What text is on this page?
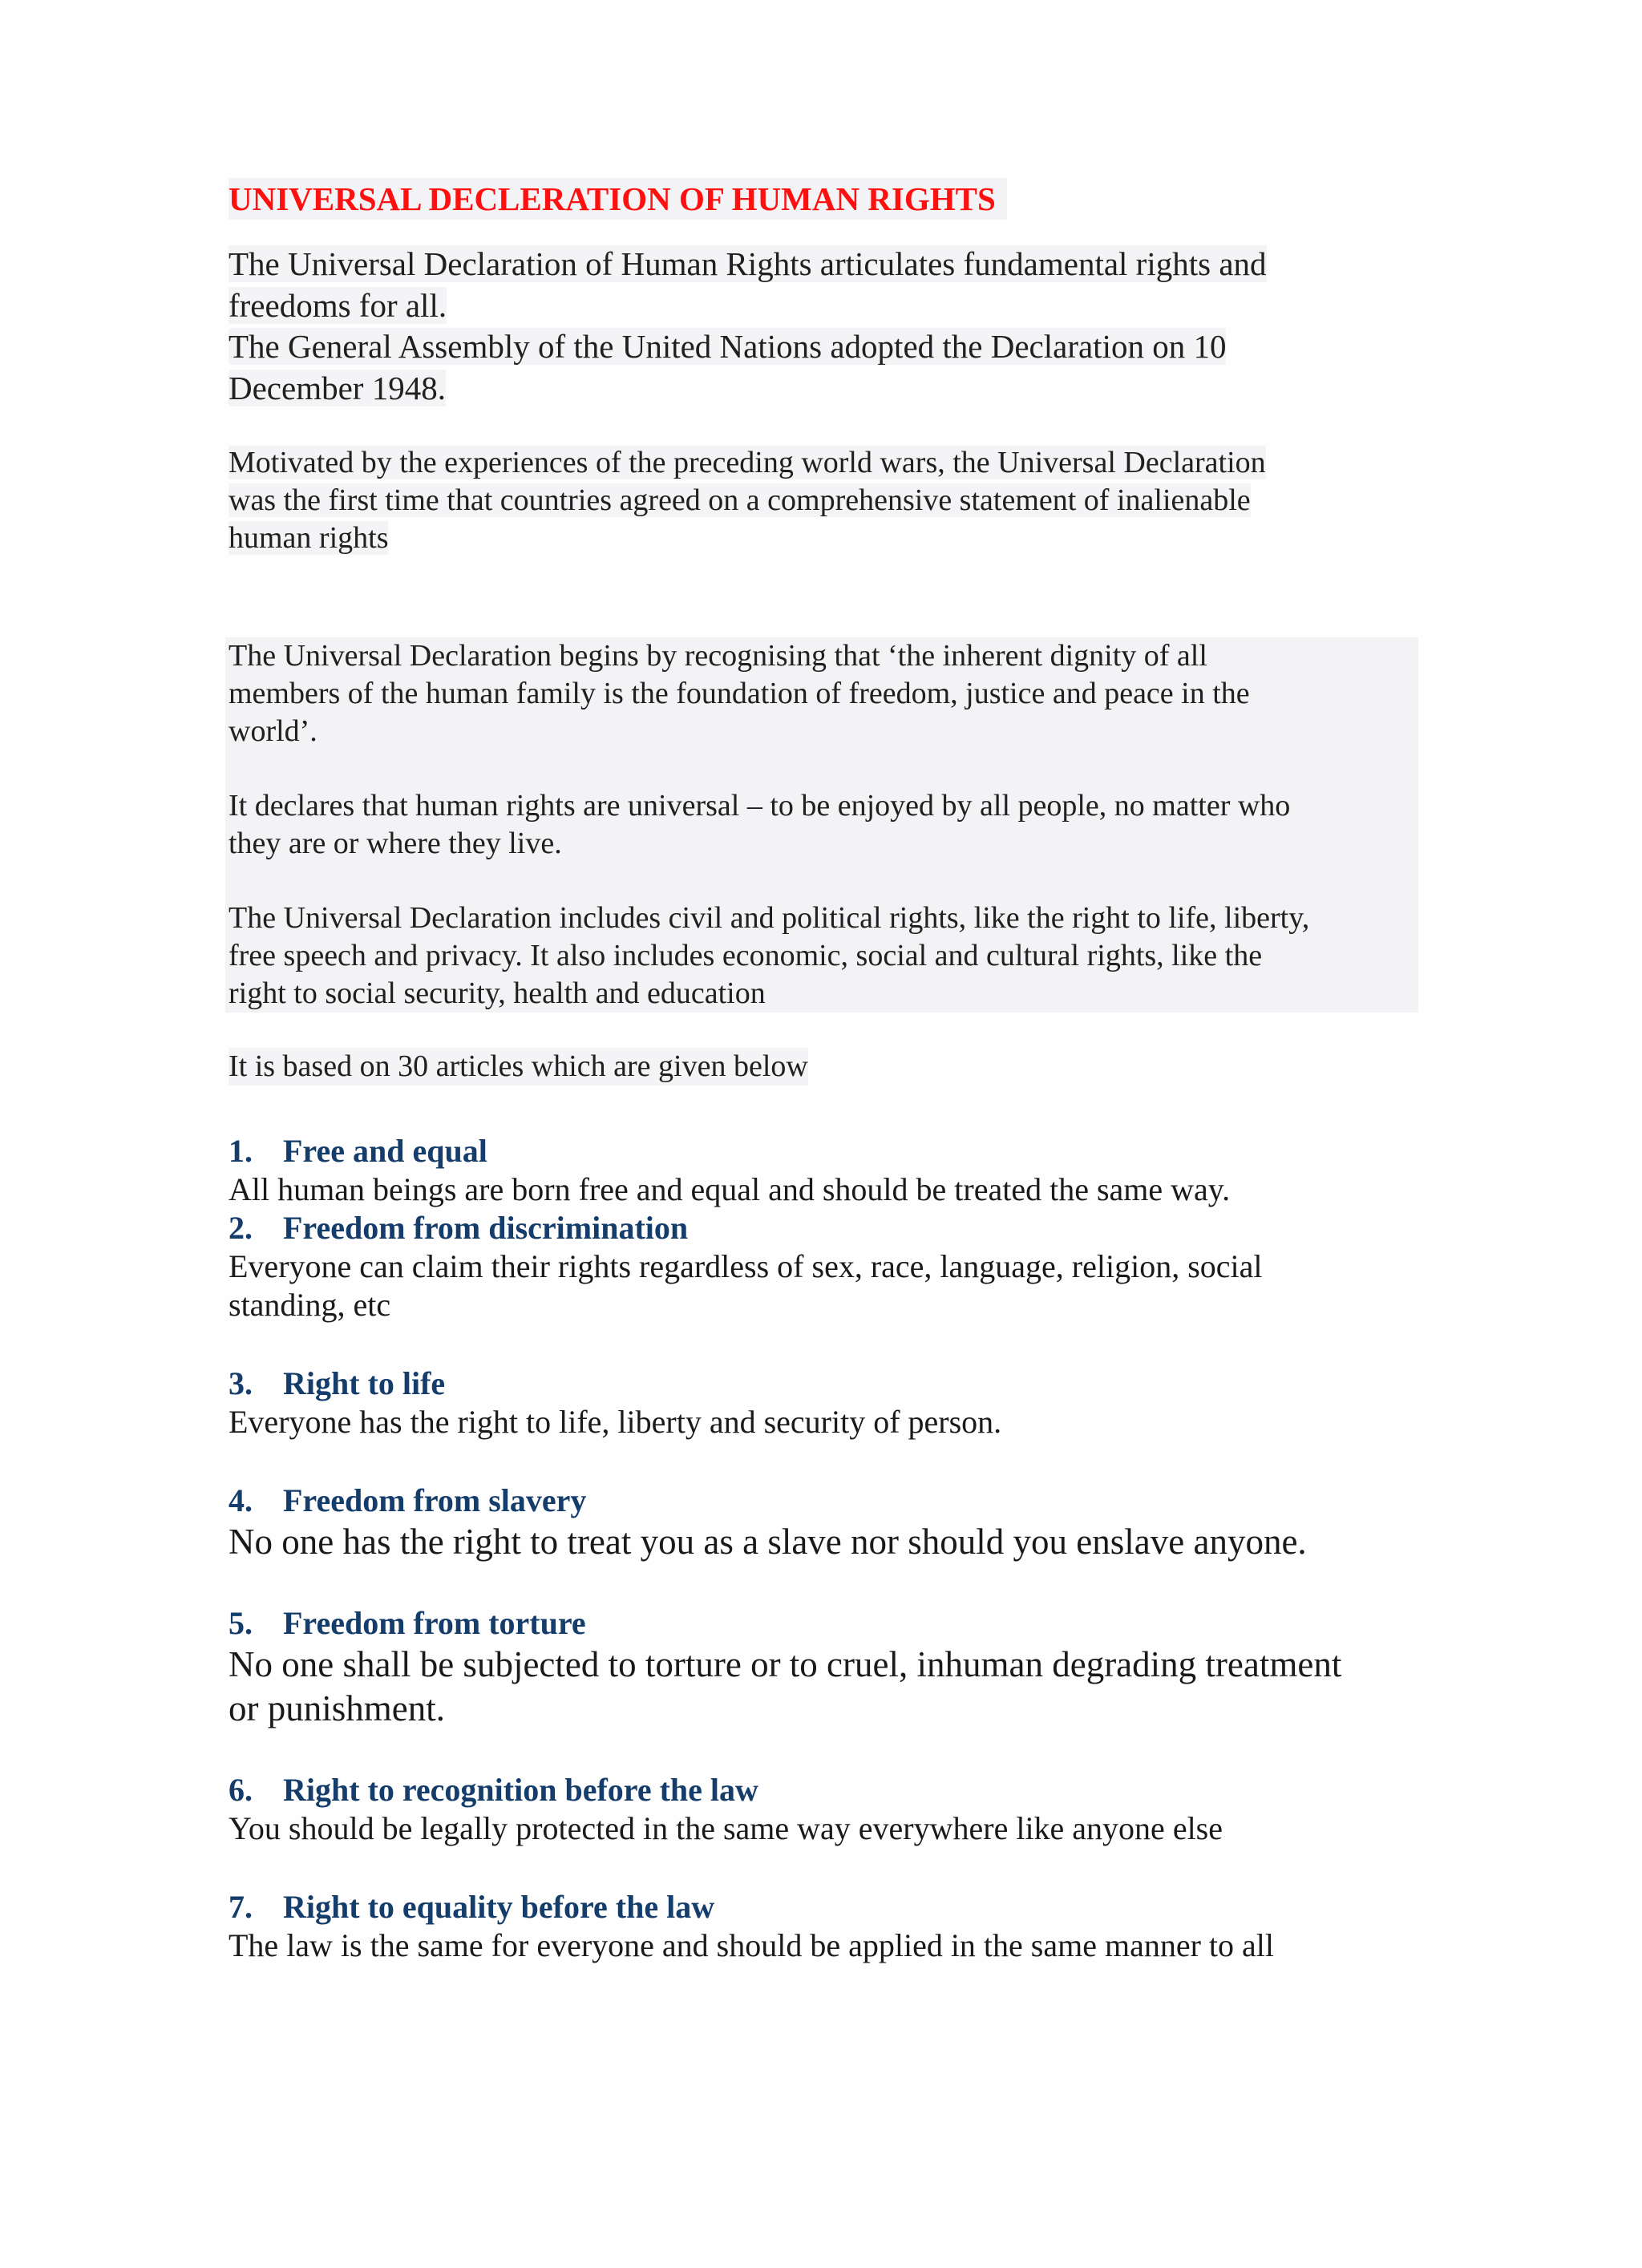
UNIVERSAL DECLERATION OF HUMAN RIGHTS

The Universal Declaration of Human Rights articulates fundamental rights and
freedoms for all.
The General Assembly of the United Nations adopted the Declaration on 10
December 1948.

Motivated by the experiences of the preceding world wars, the Universal Declaration
was the first time that countries agreed on a comprehensive statement of inalienable
human rights

The Universal Declaration begins by recognising that ‘the inherent dignity of all
members of the human family is the foundation of freedom, justice and peace in the
world’.

It declares that human rights are universal – to be enjoyed by all people, no matter who
they are or where they live.

The Universal Declaration includes civil and political rights, like the right to life, liberty,
free speech and privacy. It also includes economic, social and cultural rights, like the
right to social security, health and education

It is based on 30 articles which are given below
1. Free and equal

All human beings are born free and equal and should be treated the same way.

2. Freedom from discrimination

Everyone can claim their rights regardless of sex, race, language, religion, social
standing, etc

3. Right to life

Everyone has the right to life, liberty and security of person.

4. Freedom from slavery

No one has the right to treat you as a slave nor should you enslave anyone.

5. Freedom from torture

No one shall be subjected to torture or to cruel, inhuman degrading treatment
or punishment.

6. Right to recognition before the law

You should be legally protected in the same way everywhere like anyone else

7. Right to equality before the law

The law is the same for everyone and should be applied in the same manner to all
